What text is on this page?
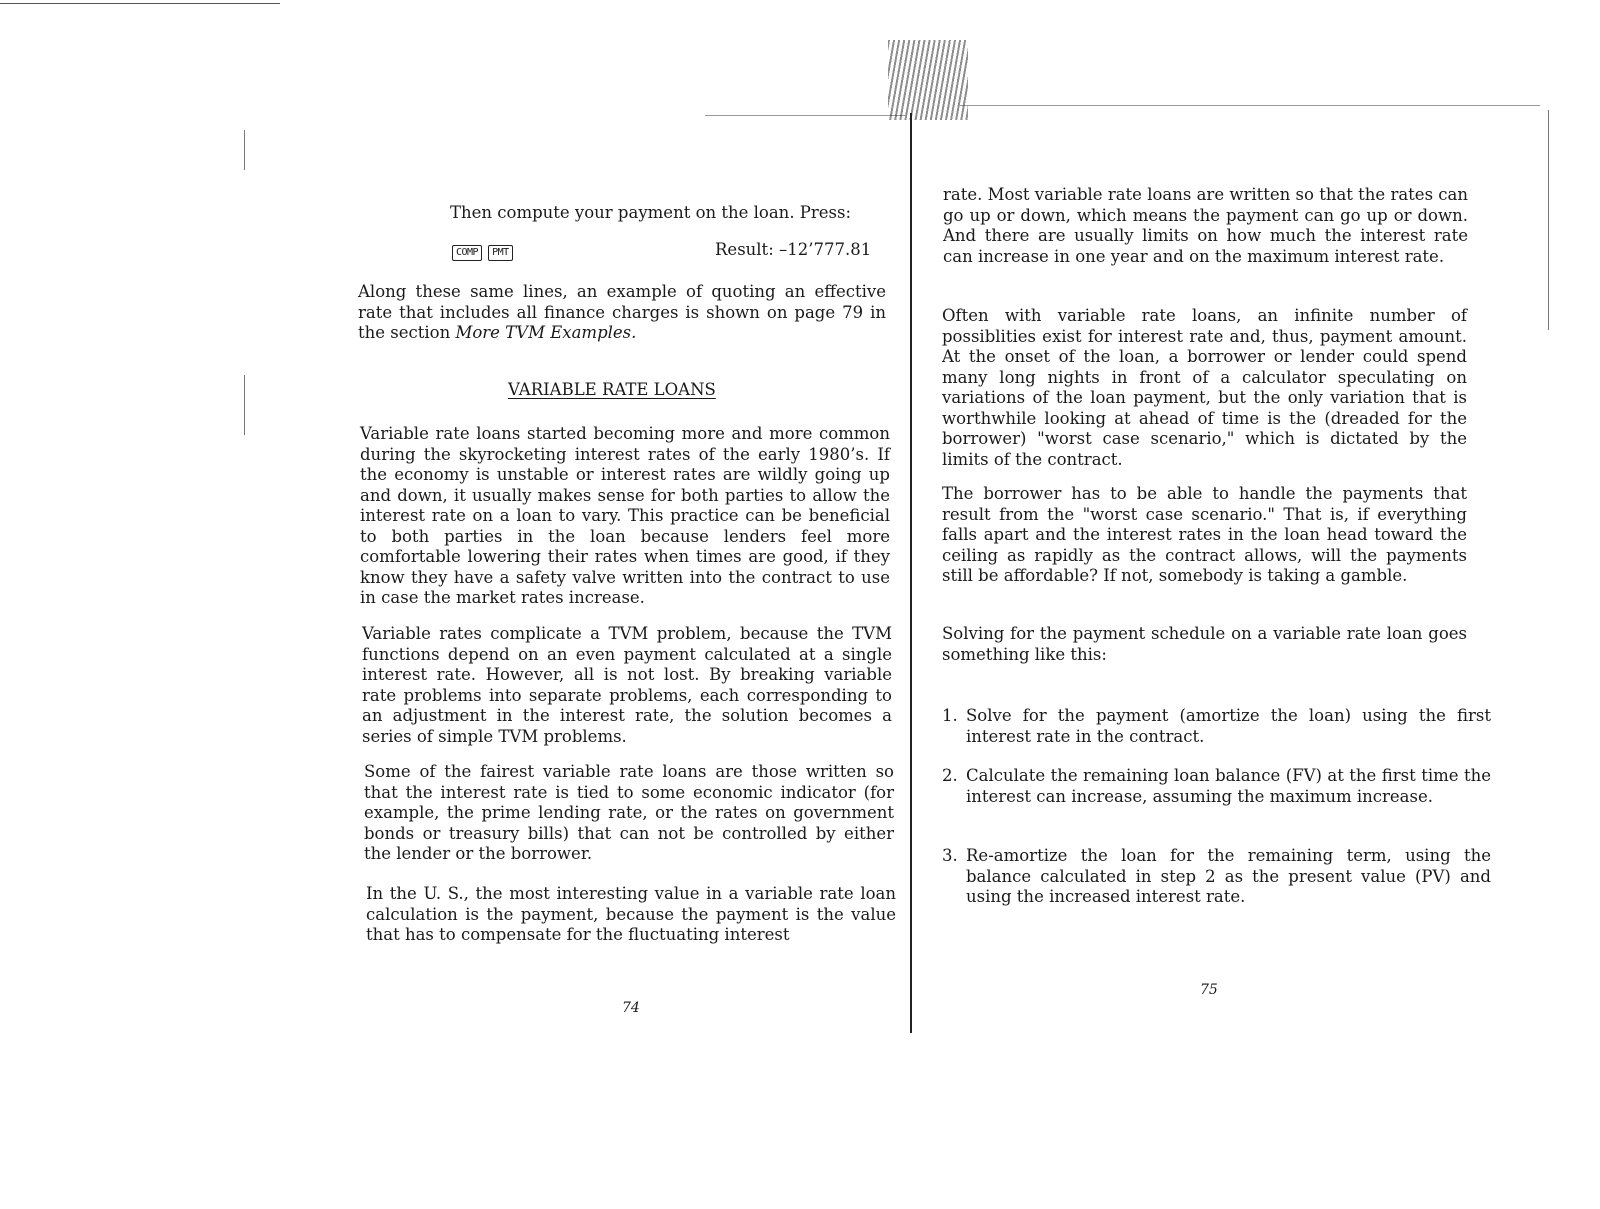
Then compute your payment on the loan. Press:

COMP	PMT	Result: –12’777.81

Along these same lines, an example of quoting an effective rate that includes all finance charges is shown on page 79 in the section More TVM Examples.

VARIABLE RATE LOANS

Variable rate loans started becoming more and more common during the skyrocketing interest rates of the early 1980’s. If the economy is unstable or interest rates are wildly going up and down, it usually makes sense for both parties to allow the interest rate on a loan to vary. This practice can be beneficial to both parties in the loan because lenders feel more comfortable lowering their rates when times are good, if they know they have a safety valve written into the contract to use in case the market rates increase.

Variable rates complicate a TVM problem, because the TVM functions depend on an even payment calculated at a single interest rate. However, all is not lost. By breaking variable rate problems into separate problems, each corresponding to an adjustment in the interest rate, the solution becomes a series of simple TVM problems.

Some of the fairest variable rate loans are those written so that the interest rate is tied to some economic indicator (for example, the prime lending rate, or the rates on government bonds or treasury bills) that can not be controlled by either the lender or the borrower.

In the U. S., the most interesting value in a variable rate loan calculation is the payment, because the payment is the value that has to compensate for the fluctuating interest

74

rate. Most variable rate loans are written so that the rates can go up or down, which means the payment can go up or down. And there are usually limits on how much the interest rate can increase in one year and on the maximum interest rate.

Often with variable rate loans, an infinite number of possiblities exist for interest rate and, thus, payment amount. At the onset of the loan, a borrower or lender could spend many long nights in front of a calculator speculating on variations of the loan payment, but the only variation that is worthwhile looking at ahead of time is the (dreaded for the borrower) "worst case scenario," which is dictated by the limits of the contract.

The borrower has to be able to handle the payments that result from the "worst case scenario." That is, if everything falls apart and the interest rates in the loan head toward the ceiling as rapidly as the contract allows, will the payments still be affordable? If not, somebody is taking a gamble.

Solving for the payment schedule on a variable rate loan goes something like this:

1. Solve for the payment (amortize the loan) using the first interest rate in the contract.
2. Calculate the remaining loan balance (FV) at the first time the interest can increase, assuming the maximum increase.
3. Re-amortize the loan for the remaining term, using the balance calculated in step 2 as the present value (PV) and using the increased interest rate.
75
